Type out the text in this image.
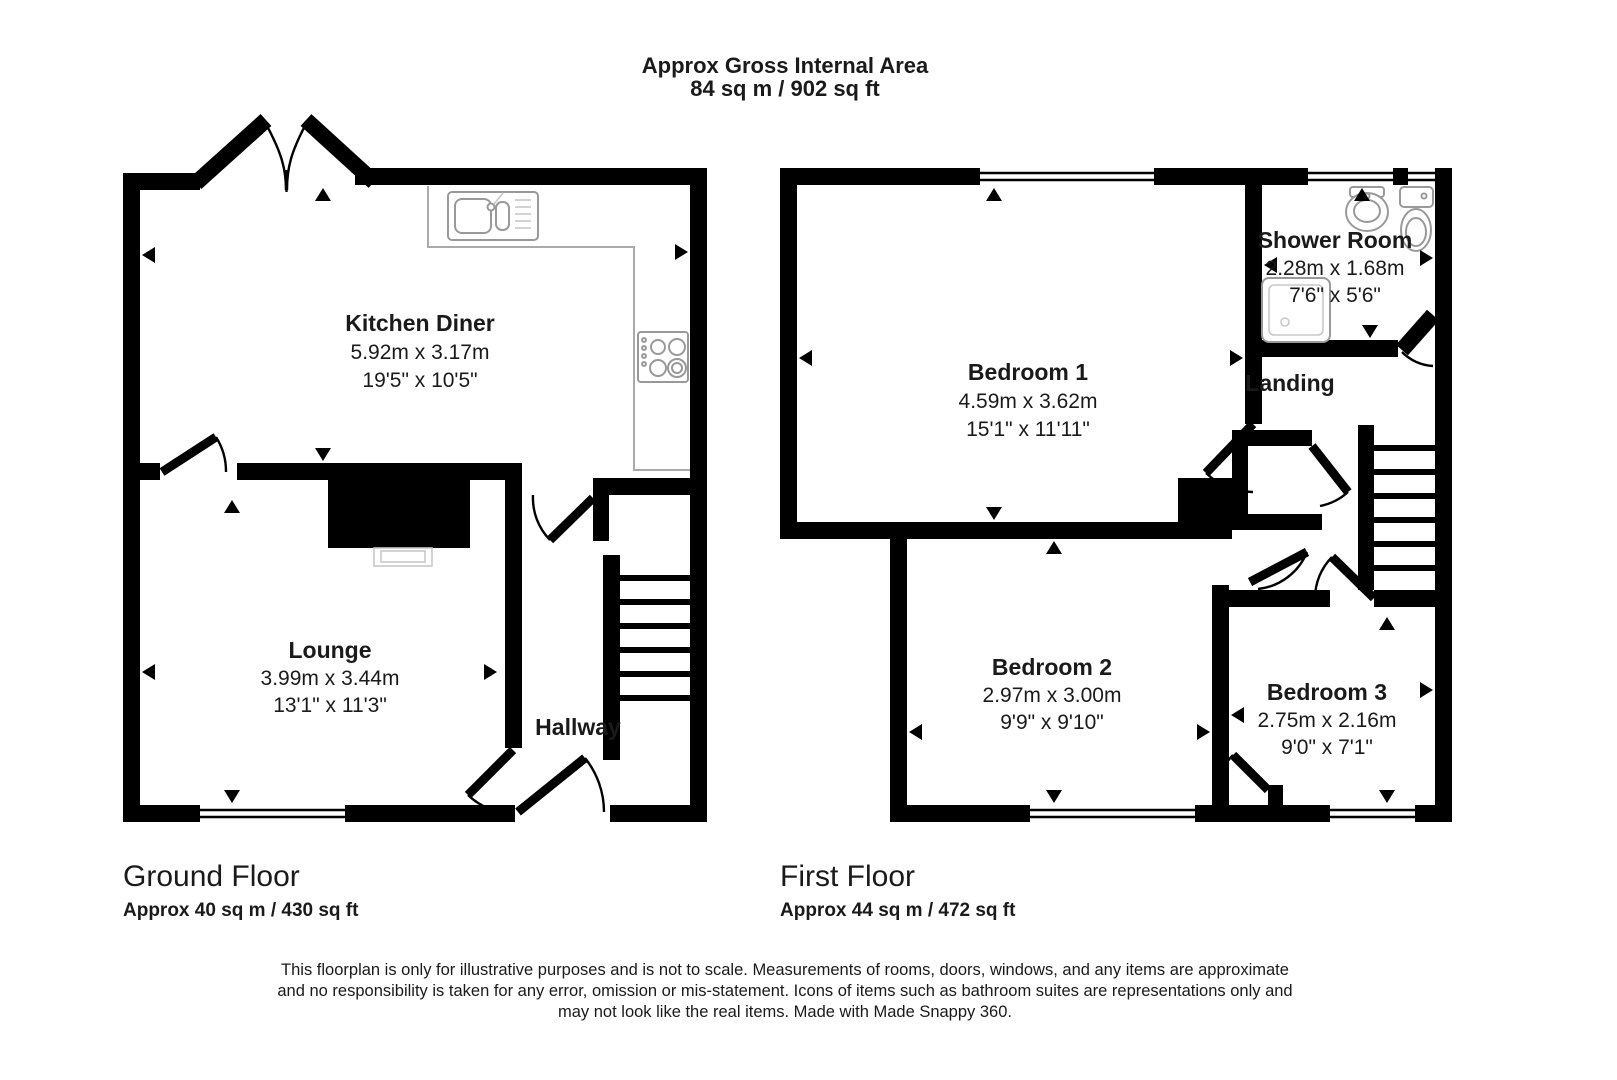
Approx Gross Internal Area
84 sq m / 902 sq ft
Kitchen Diner
5.92m x 3.17m
19'5" x 10'5"
Lounge
3.99m x 3.44m
13'1" x 11'3"
Hallway
Ground Floor
Approx 40 sq m / 430 sq ft
Bedroom 1
4.59m x 3.62m
15'1" x 11'11"
Shower Room
2.28m x 1.68m
7'6" x 5'6"
Landing
Bedroom 2
2.97m x 3.00m
9'9" x 9'10"
Bedroom 3
2.75m x 2.16m
9'0" x 7'1"
First Floor
Approx 44 sq m / 472 sq ft
This floorplan is only for illustrative purposes and is not to scale. Measurements of rooms, doors, windows, and any items are approximate
and no responsibility is taken for any error, omission or mis-statement. Icons of items such as bathroom suites are representations only and
may not look like the real items. Made with Made Snappy 360.
